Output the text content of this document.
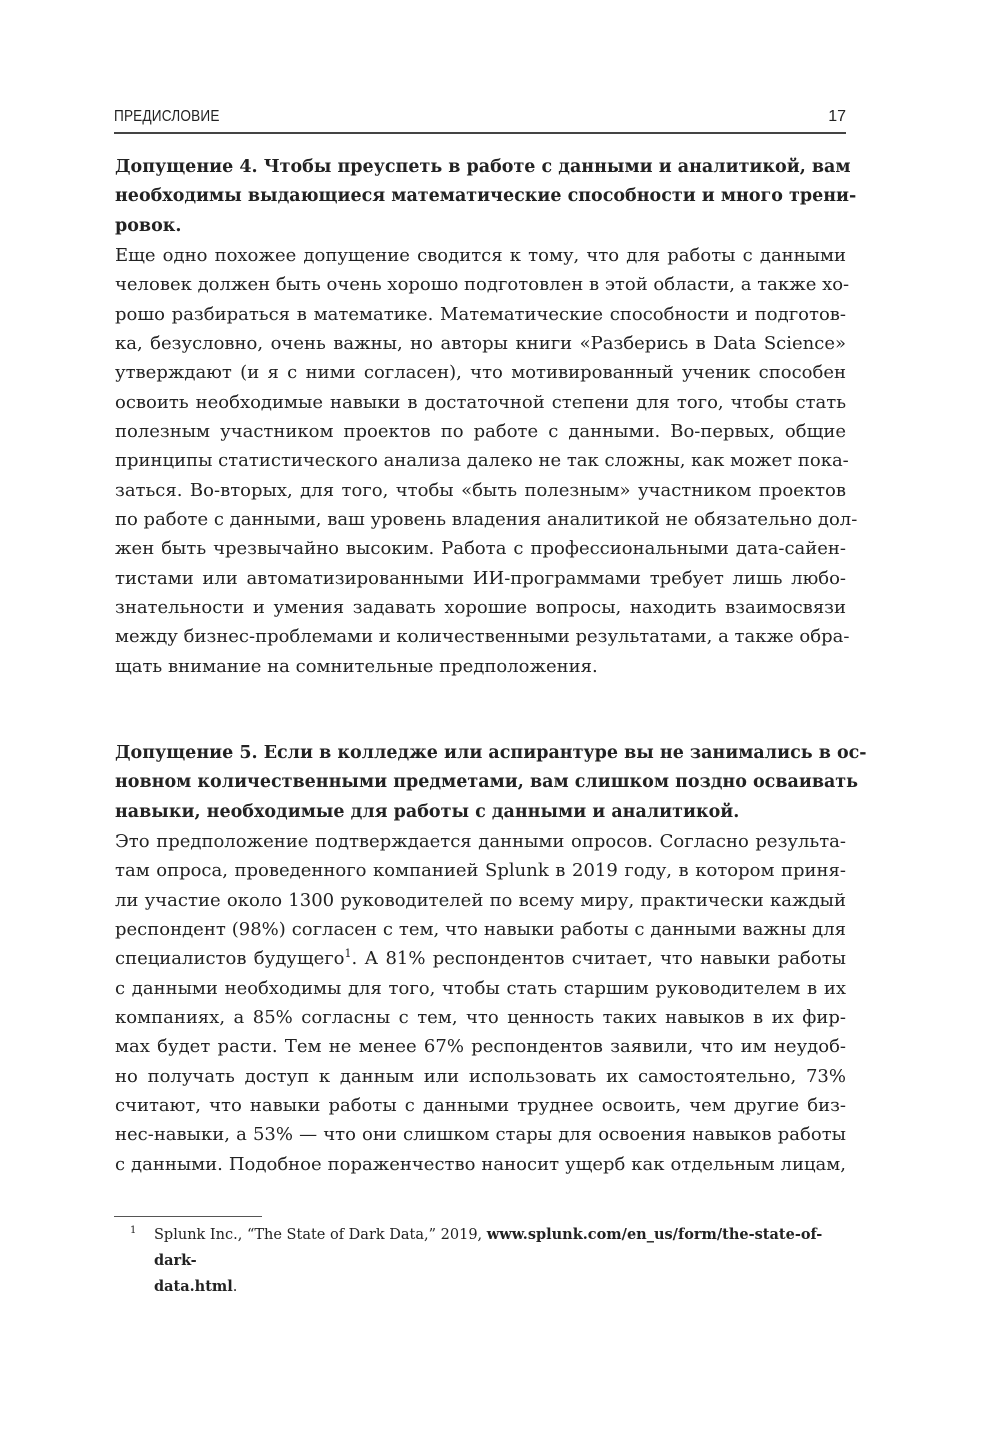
ПРЕДИСЛОВИЕ	17
Допущение 4. Чтобы преуспеть в работе с данными и аналитикой, вам
необходимы выдающиеся математические способности и много трени-
ровок.
Еще одно похожее допущение сводится к тому, что для работы с данными
человек должен быть очень хорошо подготовлен в этой области, а также хо-
рошо разбираться в математике. Математические способности и подготов-
ка, безусловно, очень важны, но авторы книги «Разберись в Data Science»
утверждают (и я с ними согласен), что мотивированный ученик способен
освоить необходимые навыки в достаточной степени для того, чтобы стать
полезным участником проектов по работе с данными. Во-первых, общие
принципы статистического анализа далеко не так сложны, как может пока-
заться. Во-вторых, для того, чтобы «быть полезным» участником проектов
по работе с данными, ваш уровень владения аналитикой не обязательно дол-
жен быть чрезвычайно высоким. Работа с профессиональными дата-сайен-
тистами или автоматизированными ИИ-программами требует лишь любо-
знательности и умения задавать хорошие вопросы, находить взаимосвязи
между бизнес-проблемами и количественными результатами, а также обра-
щать внимание на сомнительные предположения.
Допущение 5. Если в колледже или аспирантуре вы не занимались в ос-
новном количественными предметами, вам слишком поздно осваивать
навыки, необходимые для работы с данными и аналитикой.
Это предположение подтверждается данными опросов. Согласно результа-
там опроса, проведенного компанией Splunk в 2019 году, в котором приня-
ли участие около 1300 руководителей по всему миру, практически каждый
респондент (98%) согласен с тем, что навыки работы с данными важны для
специалистов будущего$^1$. А 81% респондентов считает, что навыки работы
с данными необходимы для того, чтобы стать старшим руководителем в их
компаниях, а 85% согласны с тем, что ценность таких навыков в их фир-
мах будет расти. Тем не менее 67% респондентов заявили, что им неудоб-
но получать доступ к данным или использовать их самостоятельно, 73%
считают, что навыки работы с данными труднее освоить, чем другие биз-
нес-навыки, а 53% — что они слишком стары для освоения навыков работы
с данными. Подобное пораженчество наносит ущерб как отдельным лицам,
1 Splunk Inc., “The State of Dark Data,” 2019, www.splunk.com/en_us/form/the-state-of-dark-
data.html.
